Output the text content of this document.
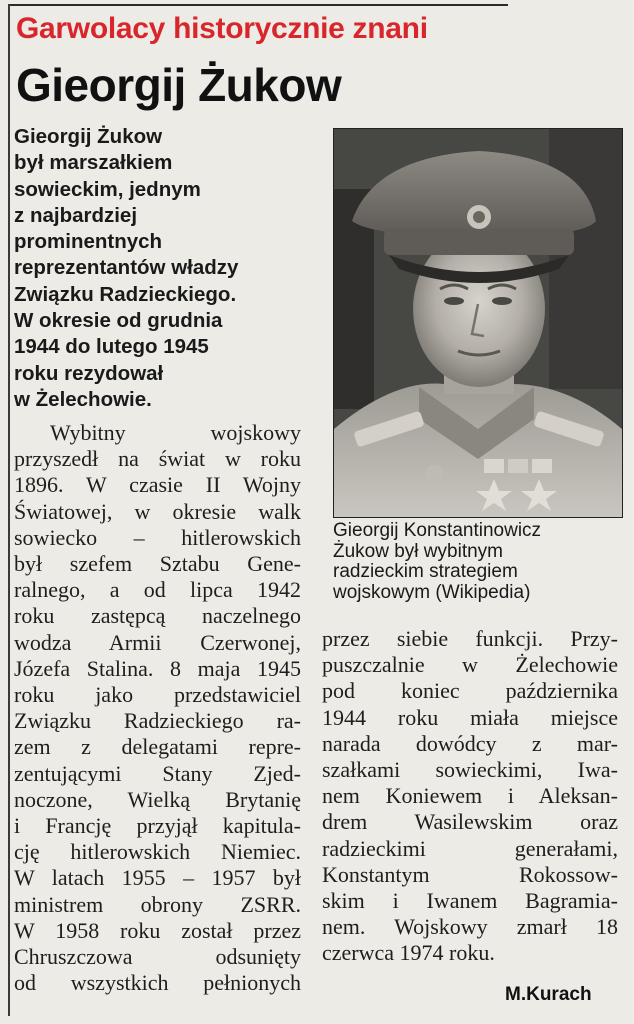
Garwolacy historycznie znani
Gieorgij Żukow
Gieorgij Żukow
był marszałkiem
sowieckim, jednym
z najbardziej
prominentnych
reprezentantów władzy
Związku Radzieckiego.
W okresie od grudnia
1944 do lutego 1945
roku rezydował
w Żelechowie.
Wybitny wojskowy
przyszedł na świat w roku
1896. W czasie II Wojny
Światowej, w okresie walk
sowiecko – hitlerowskich
był szefem Sztabu Gene-
ralnego, a od lipca 1942
roku zastępcą naczelnego
wodza Armii Czerwonej,
Józefa Stalina. 8 maja 1945
roku jako przedstawiciel
Związku Radzieckiego ra-
zem z delegatami repre-
zentującymi Stany Zjed-
noczone, Wielką Brytanię
i Francję przyjął kapitula-
cję hitlerowskich Niemiec.
W latach 1955 – 1957 był
ministrem obrony ZSRR.
W 1958 roku został przez
Chruszczowa odsunięty
od wszystkich pełnionych
Gieorgij Konstantinowicz
Żukow był wybitnym
radzieckim strategiem
wojskowym (Wikipedia)
przez siebie funkcji. Przy-
puszczalnie w Żelechowie
pod koniec października
1944 roku miała miejsce
narada dowódcy z mar-
szałkami sowieckimi, Iwa-
nem Koniewem i Aleksan-
drem Wasilewskim oraz
radzieckimi generałami,
Konstantym Rokossow-
skim i Iwanem Bagramia-
nem. Wojskowy zmarł 18
czerwca 1974 roku.
M.Kurach
